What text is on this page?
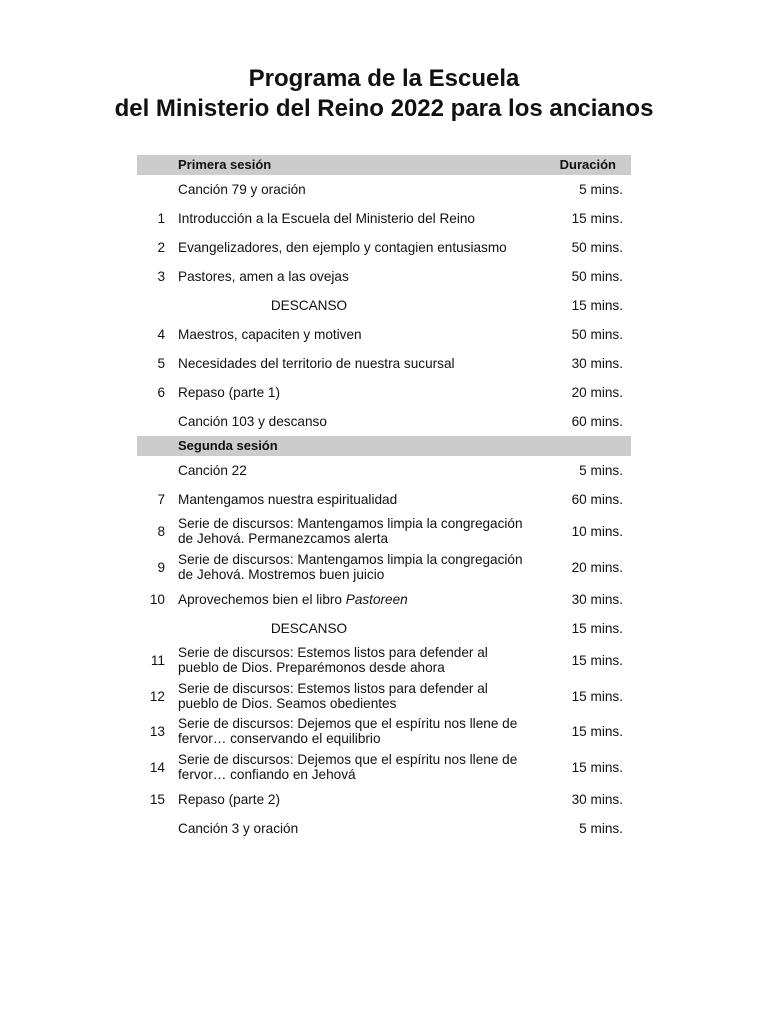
Programa de la Escuela
del Ministerio del Reino 2022 para los ancianos
Primera sesión	Duración
Canción 79 y oración	5 mins.
1 Introducción a la Escuela del Ministerio del Reino	15 mins.
2 Evangelizadores, den ejemplo y contagien entusiasmo	50 mins.
3 Pastores, amen a las ovejas	50 mins.
DESCANSO	15 mins.
4 Maestros, capaciten y motiven	50 mins.
5 Necesidades del territorio de nuestra sucursal	30 mins.
6 Repaso (parte 1)	20 mins.
Canción 103 y descanso	60 mins.
Segunda sesión
Canción 22	5 mins.
7 Mantengamos nuestra espiritualidad	60 mins.
8
Serie de discursos: Mantengamos limpia la congregación
de Jehová. Permanezcamos alerta	10 mins.
9
Serie de discursos: Mantengamos limpia la congregación
de Jehová. Mostremos buen juicio	20 mins.
10 Aprovechemos bien el libro Pastoreen	30 mins.
DESCANSO	15 mins.
11
Serie de discursos: Estemos listos para defender al
pueblo de Dios. Preparémonos desde ahora	15 mins.
12
Serie de discursos: Estemos listos para defender al
pueblo de Dios. Seamos obedientes	15 mins.
13
Serie de discursos: Dejemos que el espíritu nos llene de
fervor… conservando el equilibrio	15 mins.
14
Serie de discursos: Dejemos que el espíritu nos llene de
fervor… confiando en Jehová	15 mins.
15 Repaso (parte 2)	30 mins.
Canción 3 y oración	5 mins.
